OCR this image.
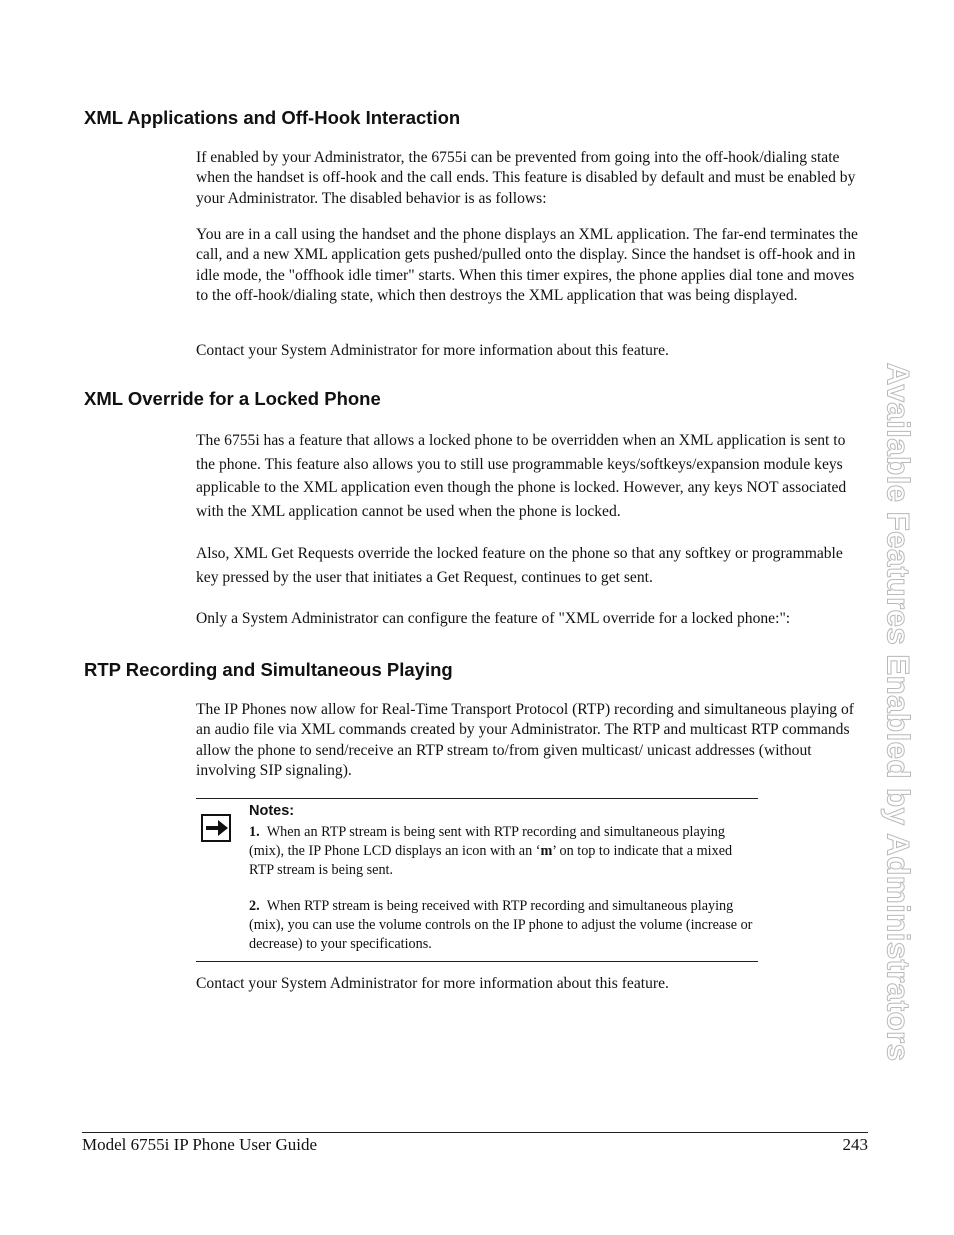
Available Features Enabled by Administrators
XML Applications and Off-Hook Interaction

If enabled by your Administrator, the 6755i can be prevented from going into the off-hook/dialing state when the handset is off-hook and the call ends. This feature is disabled by default and must be enabled by your Administrator. The disabled behavior is as follows:

You are in a call using the handset and the phone displays an XML application. The far-end terminates the call, and a new XML application gets pushed/pulled onto the display. Since the handset is off-hook and in idle mode, the "offhook idle timer" starts. When this timer expires, the phone applies dial tone and moves to the off-hook/dialing state, which then destroys the XML application that was being displayed.

Contact your System Administrator for more information about this feature.

XML Override for a Locked Phone

The 6755i has a feature that allows a locked phone to be overridden when an XML application is sent to the phone. This feature also allows you to still use programmable keys/softkeys/expansion module keys applicable to the XML application even though the phone is locked. However, any keys NOT associated with the XML application cannot be used when the phone is locked.

Also, XML Get Requests override the locked feature on the phone so that any softkey or programmable key pressed by the user that initiates a Get Request, continues to get sent.

Only a System Administrator can configure the feature of "XML override for a locked phone:":

RTP Recording and Simultaneous Playing

The IP Phones now allow for Real-Time Transport Protocol (RTP) recording and simultaneous playing of an audio file via XML commands created by your Administrator. The RTP and multicast RTP commands allow the phone to send/receive an RTP stream to/from given multicast/ unicast addresses (without involving SIP signaling).

Notes:

1. When an RTP stream is being sent with RTP recording and simultaneous playing (mix), the IP Phone LCD displays an icon with an ‘m’ on top to indicate that a mixed RTP stream is being sent.

2. When RTP stream is being received with RTP recording and simultaneous playing (mix), you can use the volume controls on the IP phone to adjust the volume (increase or decrease) to your specifications.

Contact your System Administrator for more information about this feature.

Model 6755i IP Phone User Guide	243
